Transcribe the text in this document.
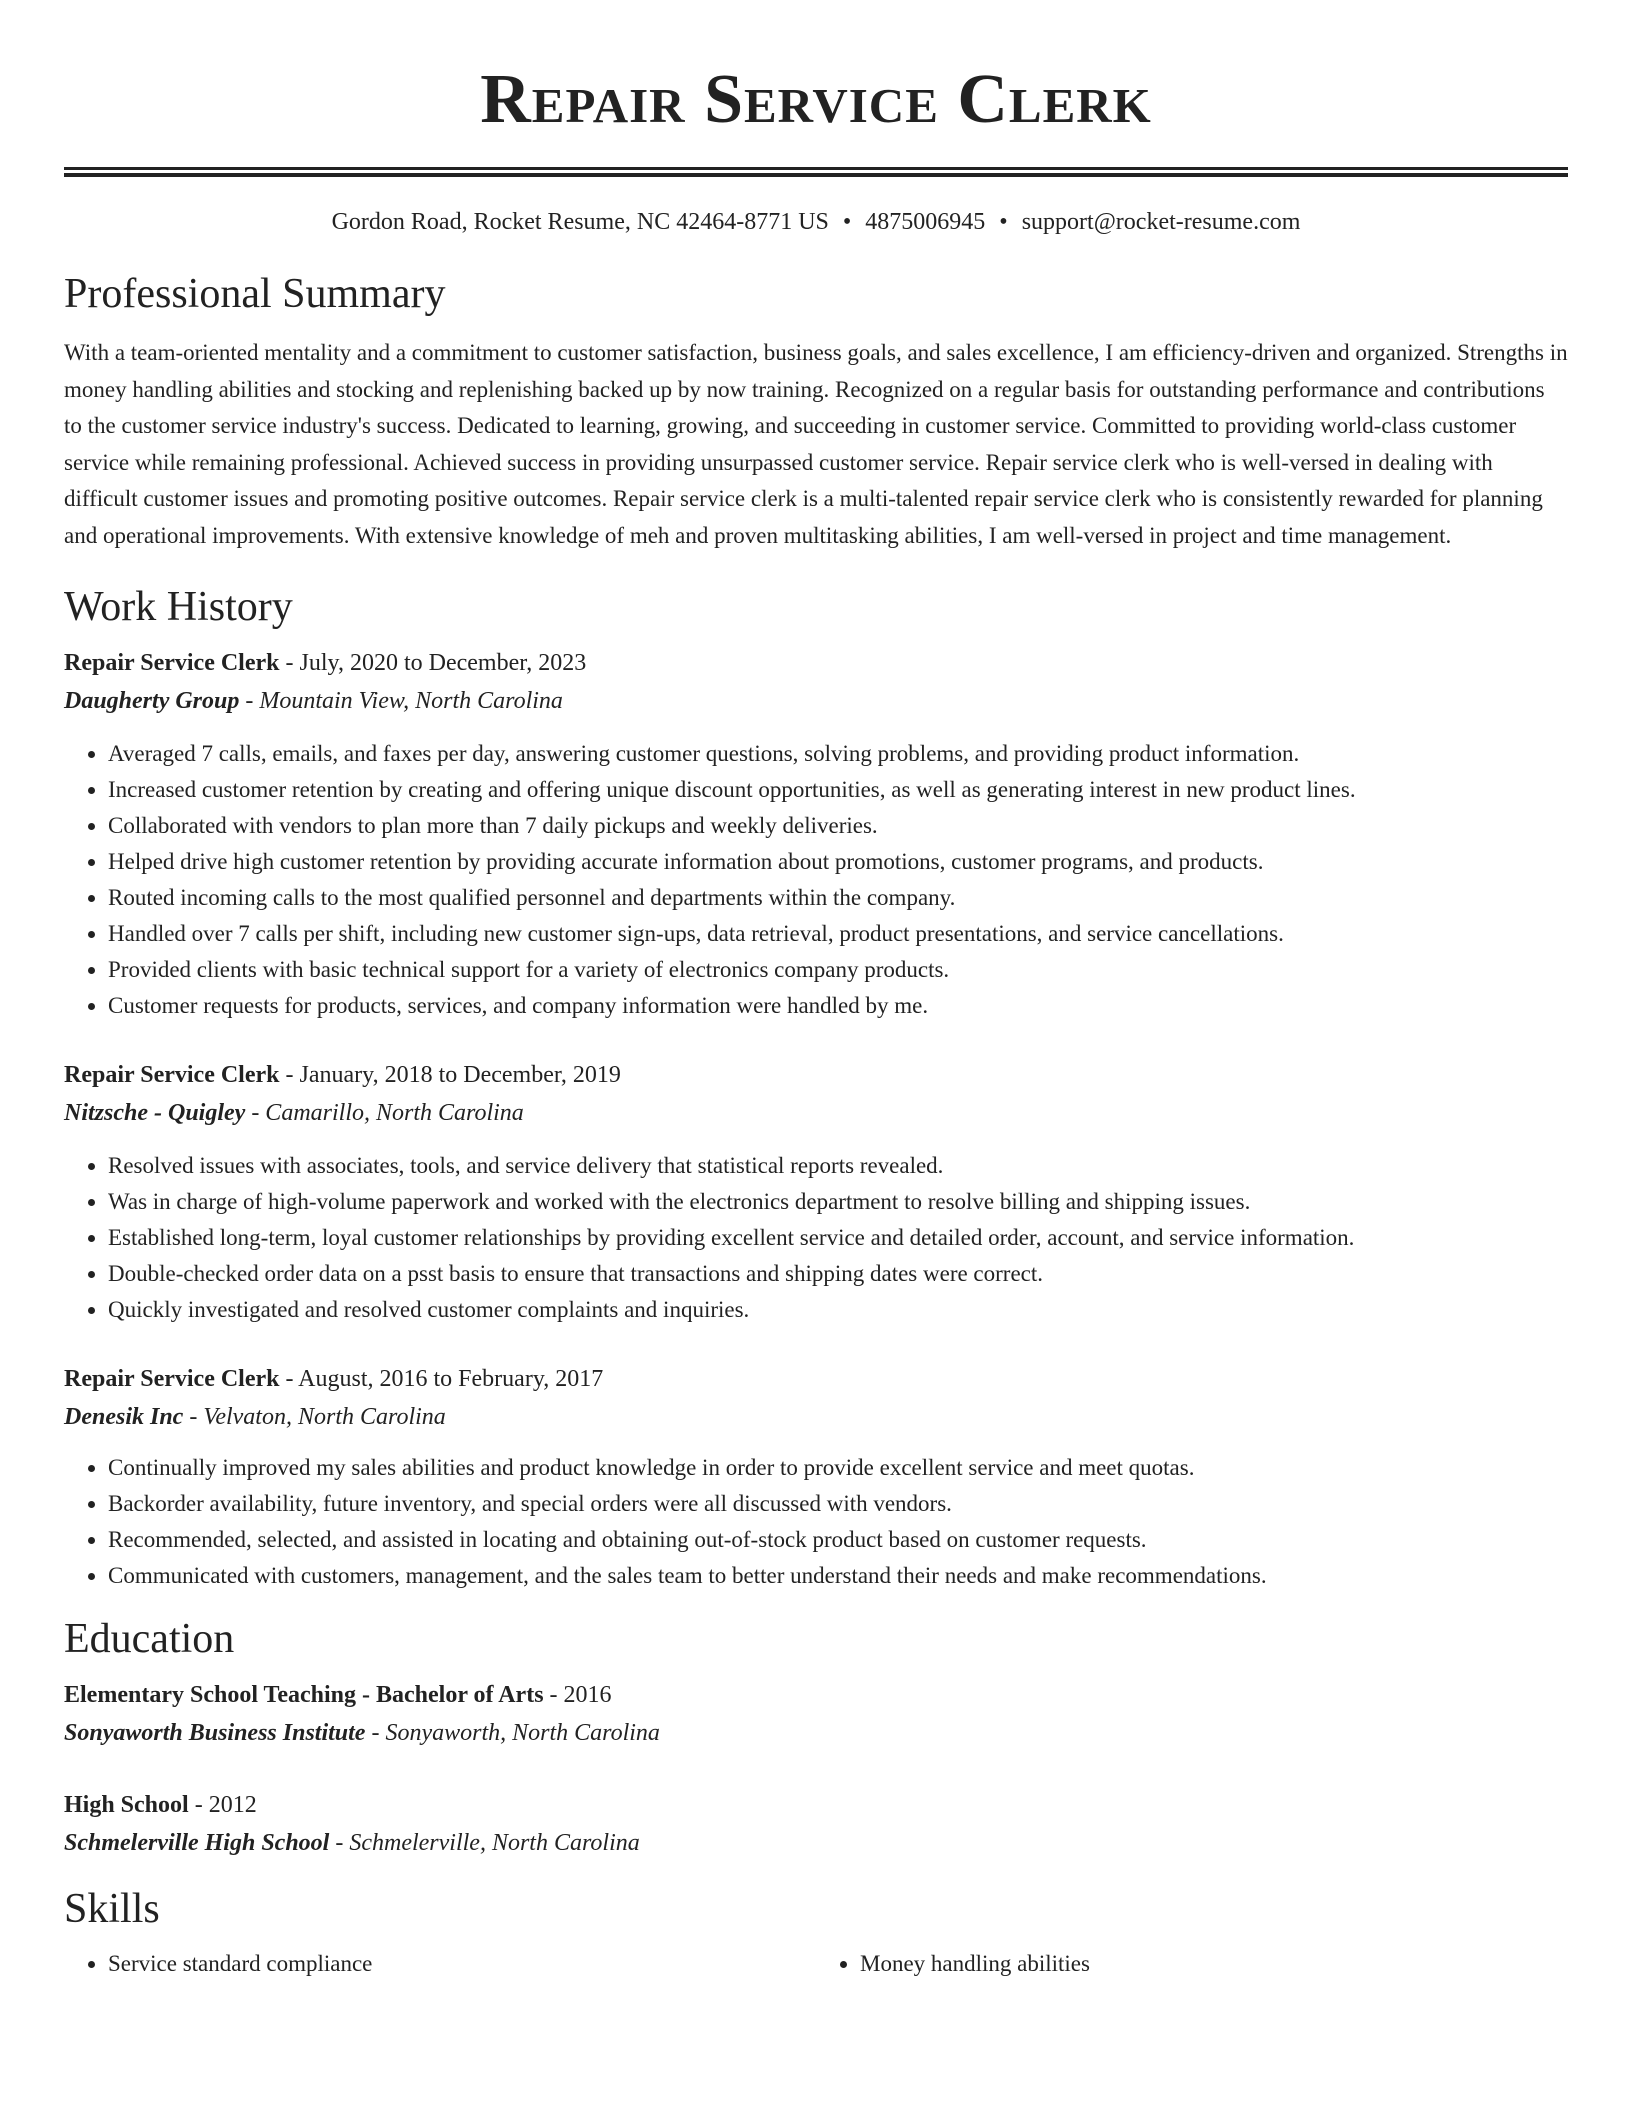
Repair Service Clerk
Gordon Road, Rocket Resume, NC 42464-8771 US • 4875006945 • support@rocket-resume.com
Professional Summary

With a team-oriented mentality and a commitment to customer satisfaction, business goals, and sales excellence, I am efficiency-driven and organized. Strengths in money handling abilities and stocking and replenishing backed up by now training. Recognized on a regular basis for outstanding performance and contributions to the customer service industry's success. Dedicated to learning, growing, and succeeding in customer service. Committed to providing world-class customer service while remaining professional. Achieved success in providing unsurpassed customer service. Repair service clerk who is well-versed in dealing with difficult customer issues and promoting positive outcomes. Repair service clerk is a multi-talented repair service clerk who is consistently rewarded for planning and operational improvements. With extensive knowledge of meh and proven multitasking abilities, I am well-versed in project and time management.

Work History
Repair Service Clerk - July, 2020 to December, 2023
Daugherty Group - Mountain View, North Carolina
• Averaged 7 calls, emails, and faxes per day, answering customer questions, solving problems, and providing product information.
• Increased customer retention by creating and offering unique discount opportunities, as well as generating interest in new product lines.
• Collaborated with vendors to plan more than 7 daily pickups and weekly deliveries.
• Helped drive high customer retention by providing accurate information about promotions, customer programs, and products.
• Routed incoming calls to the most qualified personnel and departments within the company.
• Handled over 7 calls per shift, including new customer sign-ups, data retrieval, product presentations, and service cancellations.
• Provided clients with basic technical support for a variety of electronics company products.
• Customer requests for products, services, and company information were handled by me.
Repair Service Clerk - January, 2018 to December, 2019
Nitzsche - Quigley - Camarillo, North Carolina
• Resolved issues with associates, tools, and service delivery that statistical reports revealed.
• Was in charge of high-volume paperwork and worked with the electronics department to resolve billing and shipping issues.
• Established long-term, loyal customer relationships by providing excellent service and detailed order, account, and service information.
• Double-checked order data on a psst basis to ensure that transactions and shipping dates were correct.
• Quickly investigated and resolved customer complaints and inquiries.
Repair Service Clerk - August, 2016 to February, 2017
Denesik Inc - Velvaton, North Carolina
• Continually improved my sales abilities and product knowledge in order to provide excellent service and meet quotas.
• Backorder availability, future inventory, and special orders were all discussed with vendors.
• Recommended, selected, and assisted in locating and obtaining out-of-stock product based on customer requests.
• Communicated with customers, management, and the sales team to better understand their needs and make recommendations.
Education
Elementary School Teaching - Bachelor of Arts - 2016
Sonyaworth Business Institute - Sonyaworth, North Carolina
High School - 2012
Schmelerville High School - Schmelerville, North Carolina
Skills
• Service standard compliance
•	Money handling abilities
